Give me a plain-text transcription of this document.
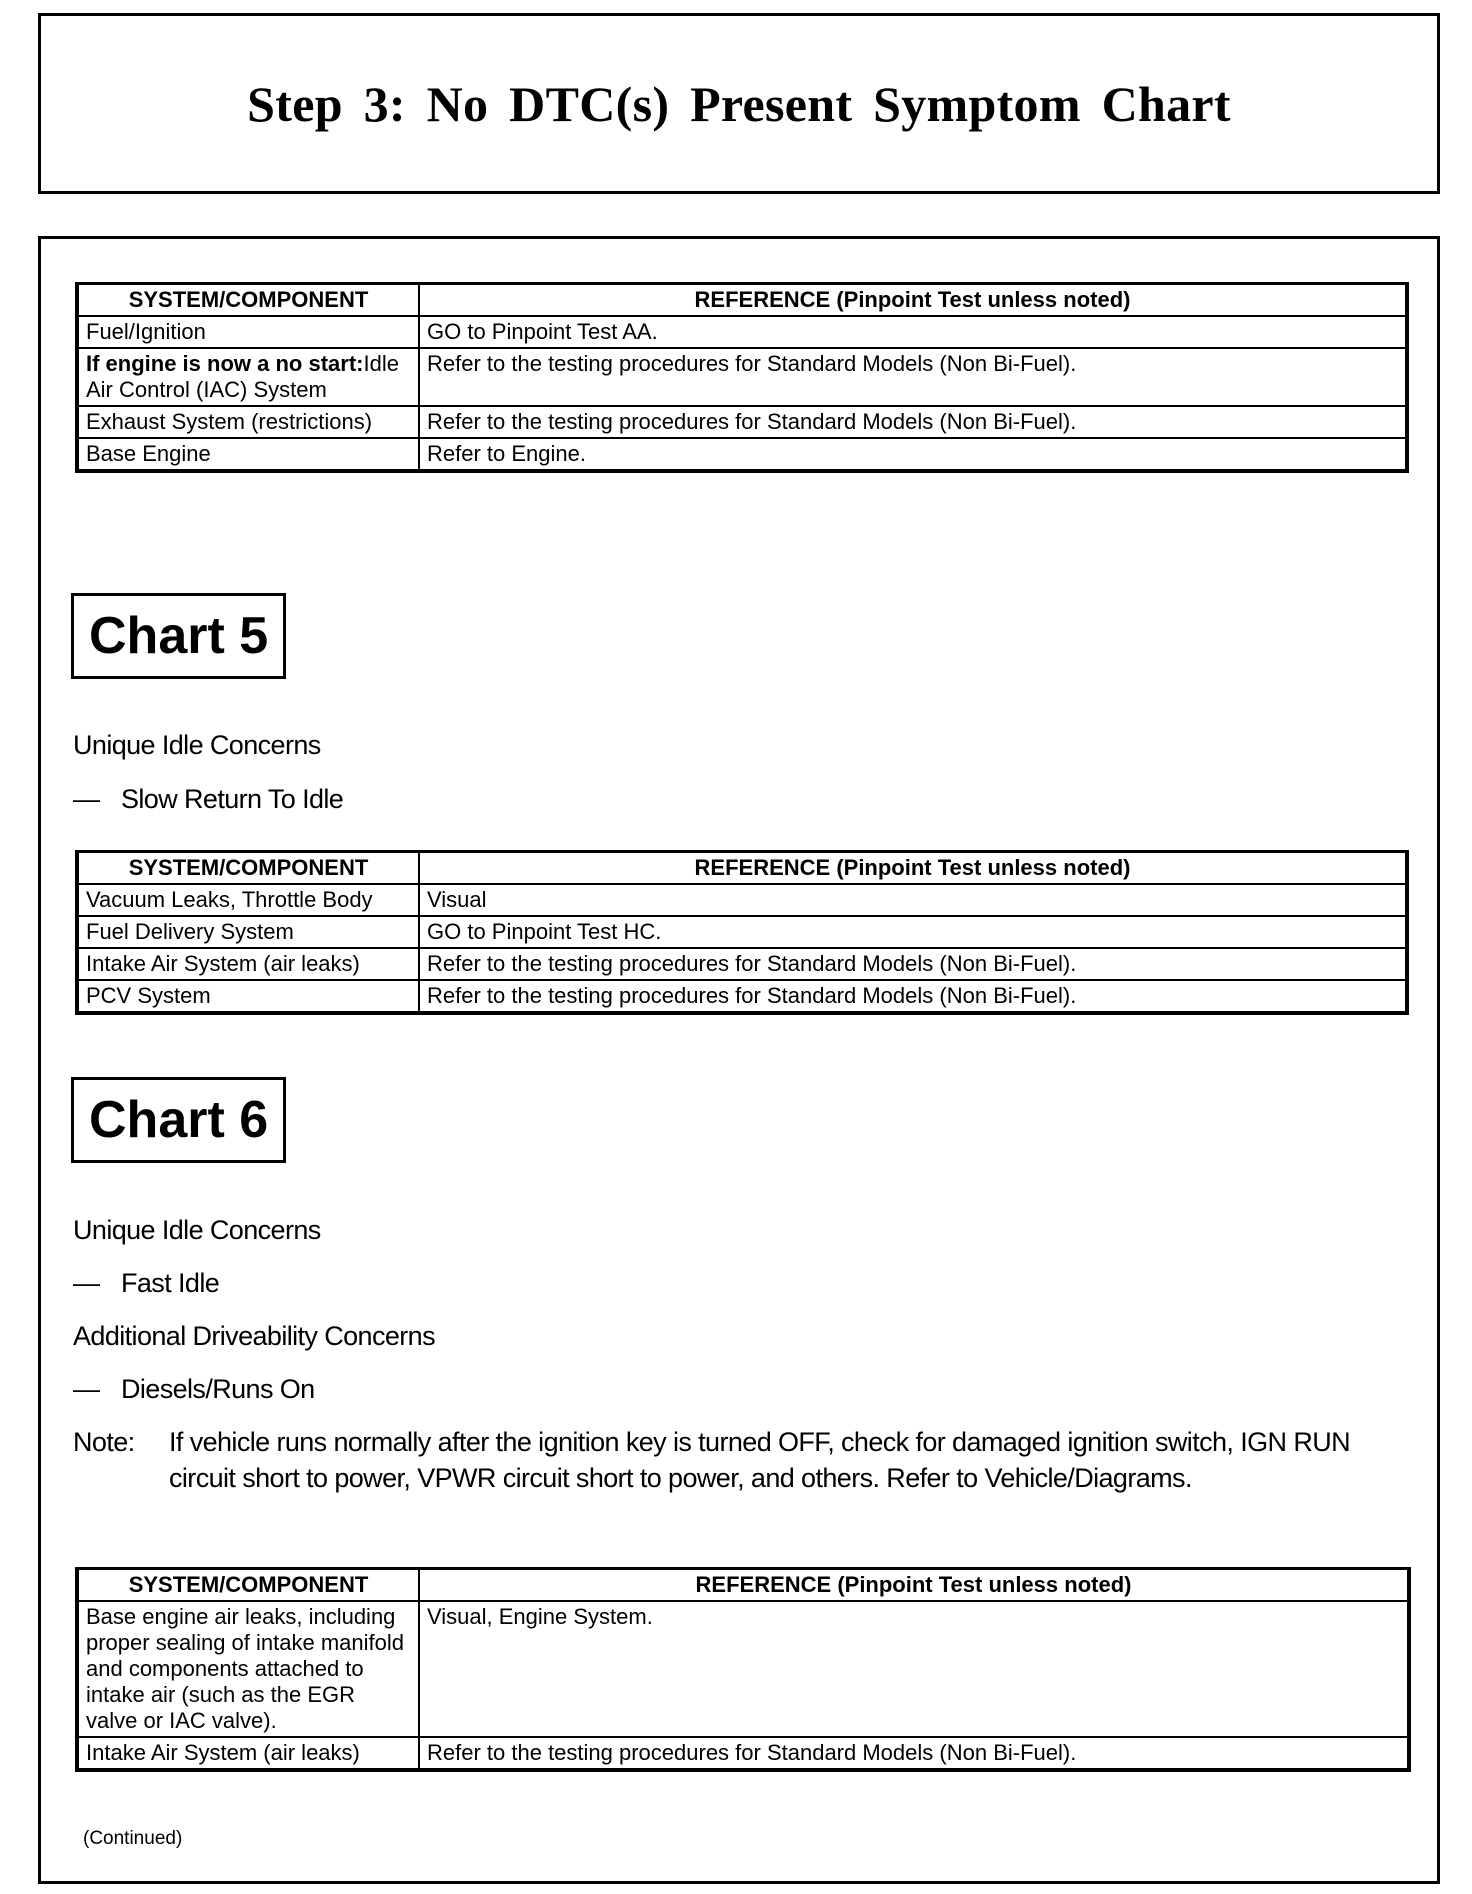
Step 3: No DTC(s) Present Symptom Chart
SYSTEM/COMPONENT	REFERENCE (Pinpoint Test unless noted)
Fuel/Ignition	GO to Pinpoint Test AA.
If engine is now a no start:Idle Air Control (IAC) System	Refer to the testing procedures for Standard Models (Non Bi-Fuel).
Exhaust System (restrictions)	Refer to the testing procedures for Standard Models (Non Bi-Fuel).
Base Engine	Refer to Engine.
Chart 5
Unique Idle Concerns
— Slow Return To Idle
SYSTEM/COMPONENT	REFERENCE (Pinpoint Test unless noted)
Vacuum Leaks, Throttle Body	Visual
Fuel Delivery System	GO to Pinpoint Test HC.
Intake Air System (air leaks)	Refer to the testing procedures for Standard Models (Non Bi-Fuel).
PCV System	Refer to the testing procedures for Standard Models (Non Bi-Fuel).
Chart 6
Unique Idle Concerns
— Fast Idle
Additional Driveability Concerns
— Diesels/Runs On
Note:	If vehicle runs normally after the ignition key is turned OFF, check for damaged ignition switch, IGN RUN circuit short to power, VPWR circuit short to power, and others. Refer to Vehicle/Diagrams.
SYSTEM/COMPONENT	REFERENCE (Pinpoint Test unless noted)
Base engine air leaks, including proper sealing of intake manifold and components attached to intake air (such as the EGR valve or IAC valve).	Visual, Engine System.
Intake Air System (air leaks)	Refer to the testing procedures for Standard Models (Non Bi-Fuel).
(Continued)
